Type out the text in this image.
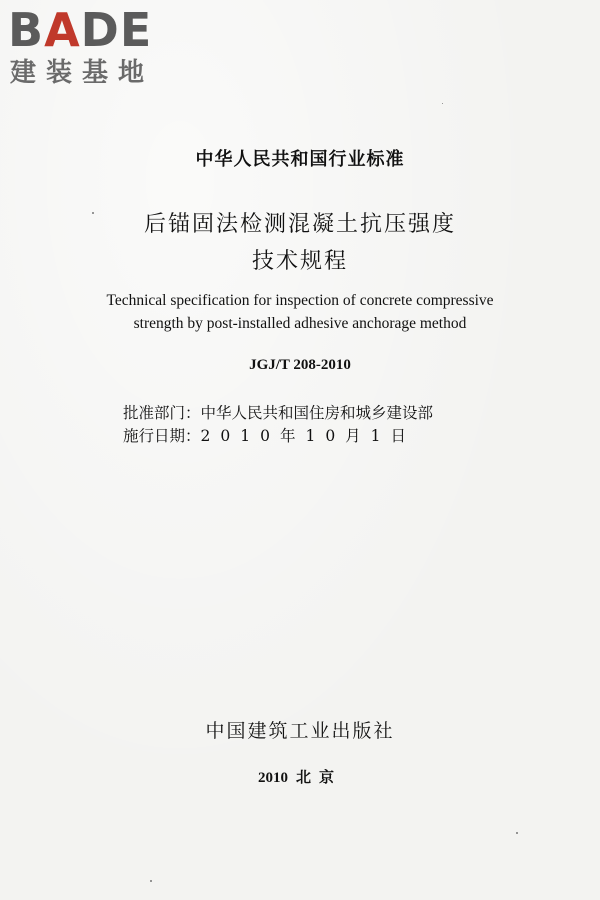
BADE
建装基地
中华人民共和国行业标准
后锚固法检测混凝土抗压强度
技术规程
Technical specification for inspection of concrete compressive
strength by post-installed adhesive anchorage method
JGJ/T 208-2010
批准部门：中华人民共和国住房和城乡建设部
施行日期：2010年10月1日
中国建筑工业出版社
2010 北京
